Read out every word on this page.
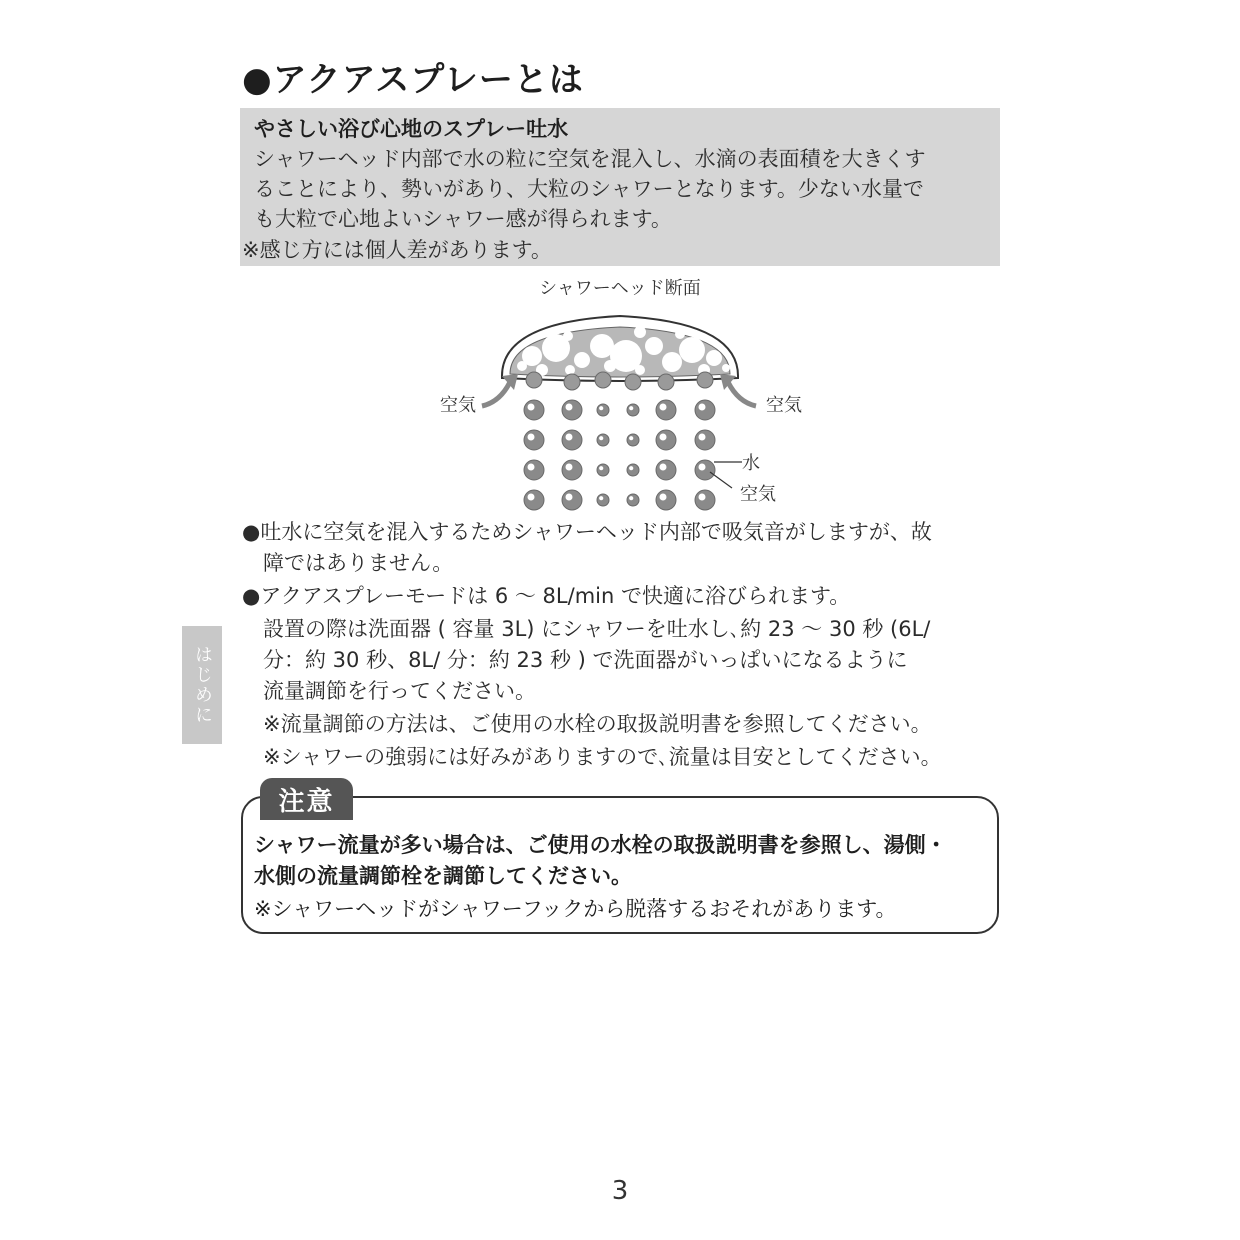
●アクアスプレーとは
やさしい浴び心地のスプレー吐水
シャワーヘッド内部で水の粒に空気を混入し、水滴の表面積を大きくす
ることにより、勢いがあり、大粒のシャワーとなります。少ない水量で
も大粒で心地よいシャワー感が得られます。
※感じ方には個人差があります。
シャワーヘッド断面
空気	空気
水
空気
●吐水に空気を混入するためシャワーヘッド内部で吸気音がしますが、故
　障ではありません。
●アクアスプレーモードは 6 ～ 8L/min で快適に浴びられます。
　設置の際は洗面器 ( 容量 3L) にシャワーを吐水し､約 23 ～ 30 秒 (6L/
　分：約 30 秒、8L/ 分：約 23 秒 ) で洗面器がいっぱいになるように
　流量調節を行ってください。
　※流量調節の方法は、ご使用の水栓の取扱説明書を参照してください。
　※シャワーの強弱には好みがありますので､流量は目安としてください。
はじめに
注意
シャワー流量が多い場合は、ご使用の水栓の取扱説明書を参照し、湯側・
水側の流量調節栓を調節してください。
※シャワーヘッドがシャワーフックから脱落するおそれがあります。
3
